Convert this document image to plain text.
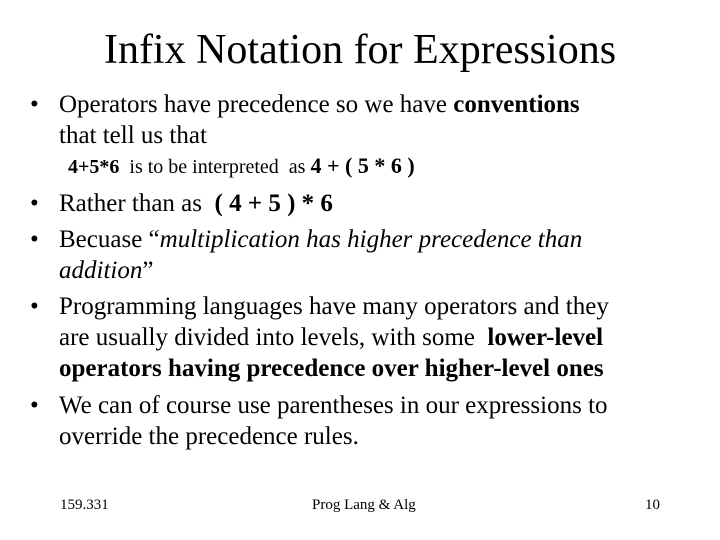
Infix Notation for Expressions
• Operators have precedence so we have conventions
that tell us that
4+5*6  is to be interpreted  as 4 + ( 5 * 6 )
• Rather than as  ( 4 + 5 ) * 6
• Becuase “multiplication has higher precedence than
addition”
• Programming languages have many operators and they
are usually divided into levels, with some  lower-level
operators having precedence over higher-level ones
• We can of course use parentheses in our expressions to
override the precedence rules.
159.331	Prog Lang & Alg	10
